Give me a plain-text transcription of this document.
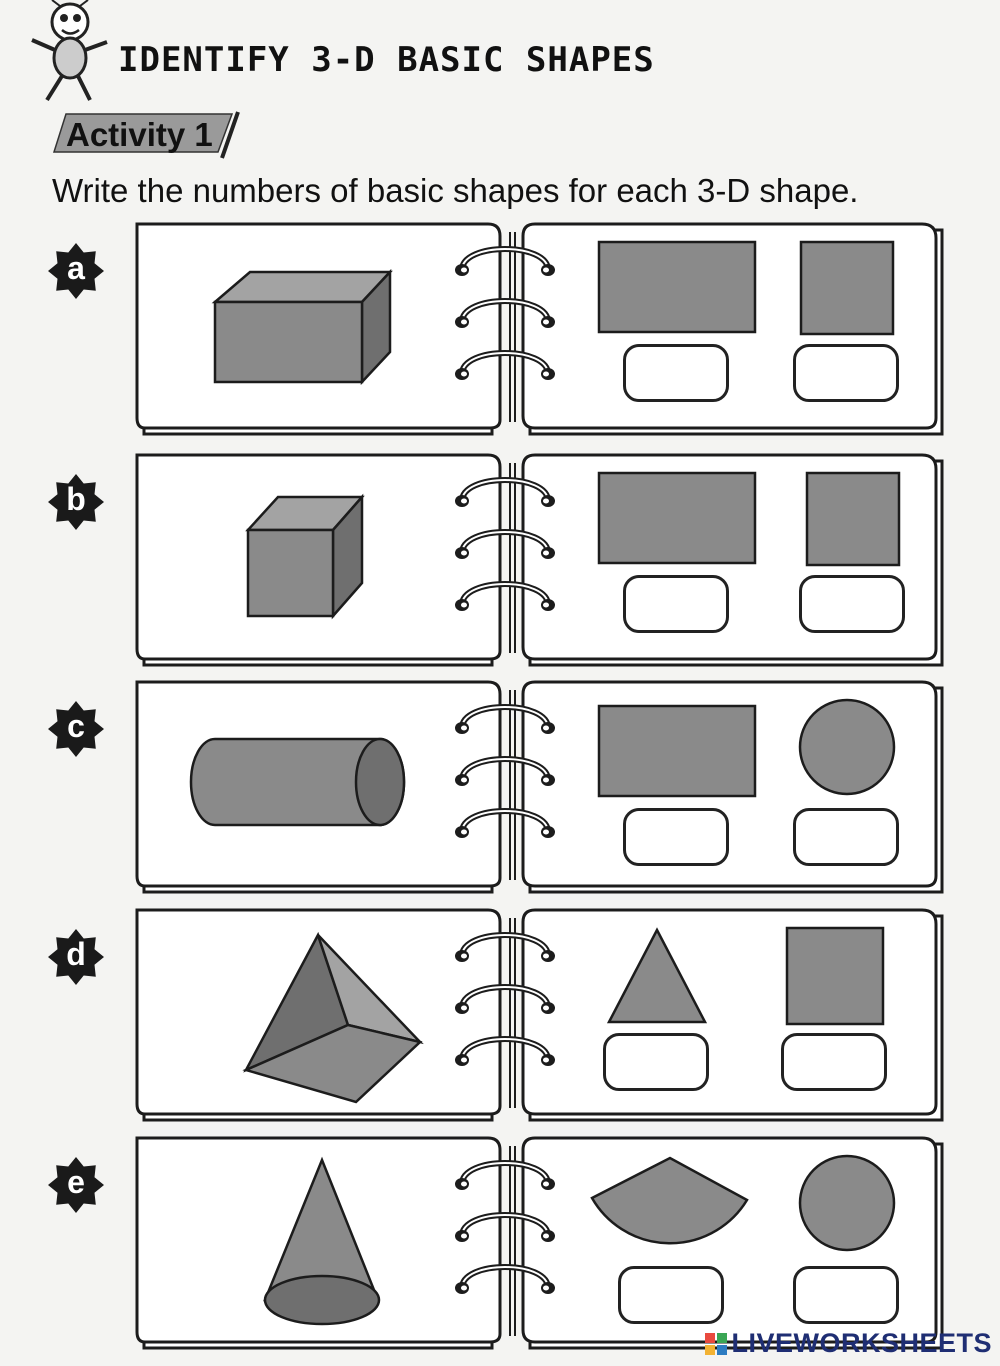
IDENTIFY 3-D BASIC SHAPES
Activity 1
Write the numbers of basic shapes for each 3-D shape.
a
b
c
d
e
LIVEWORKSHEETS
